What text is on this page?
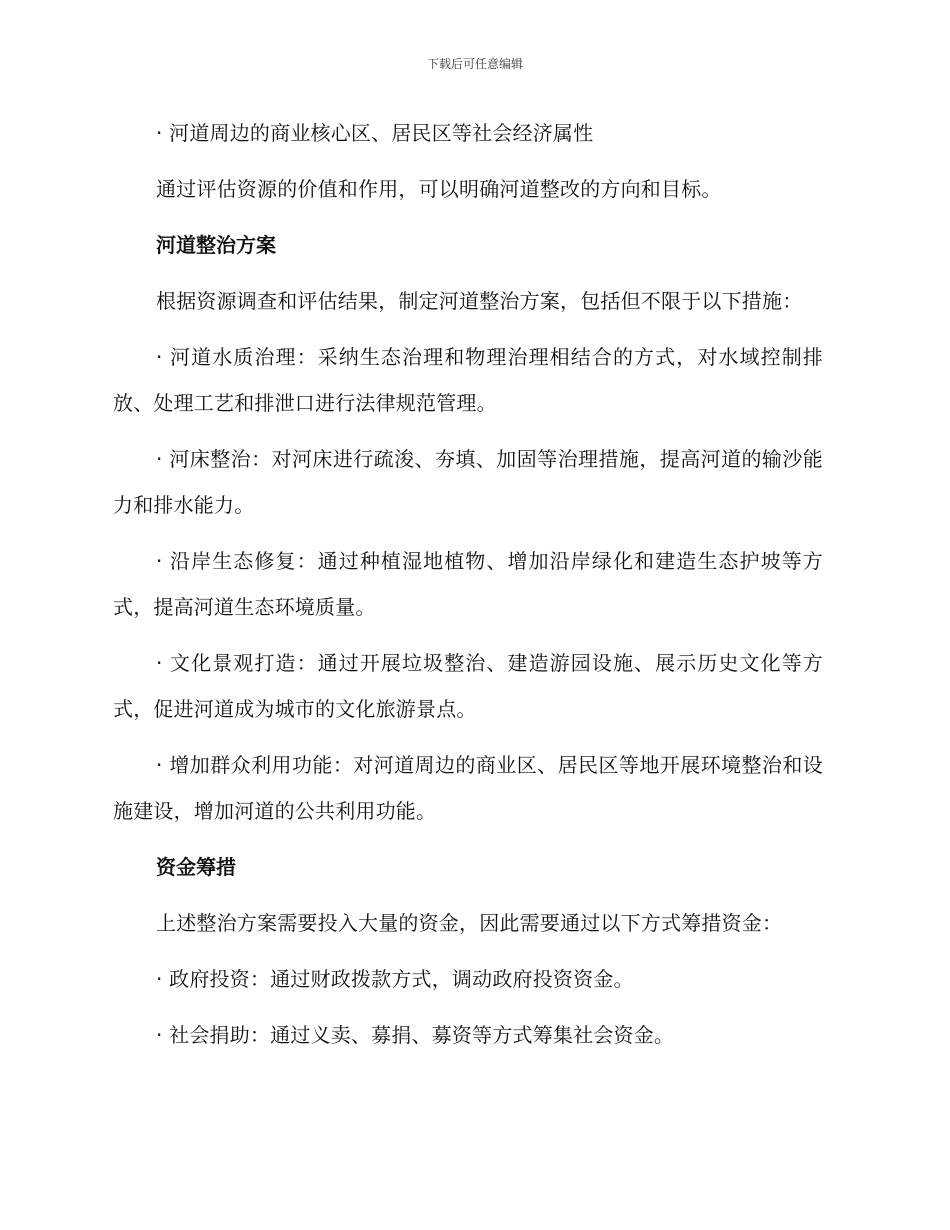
下载后可任意编辑

· 河道周边的商业核心区、居民区等社会经济属性

通过评估资源的价值和作用，可以明确河道整改的方向和目标。

河道整治方案

根据资源调查和评估结果，制定河道整治方案，包括但不限于以下措施：

· 河道水质治理：采纳生态治理和物理治理相结合的方式，对水域控制排放、处理工艺和排泄口进行法律规范管理。

· 河床整治：对河床进行疏浚、夯填、加固等治理措施，提高河道的输沙能力和排水能力。

· 沿岸生态修复：通过种植湿地植物、增加沿岸绿化和建造生态护坡等方式，提高河道生态环境质量。

· 文化景观打造：通过开展垃圾整治、建造游园设施、展示历史文化等方式，促进河道成为城市的文化旅游景点。

· 增加群众利用功能：对河道周边的商业区、居民区等地开展环境整治和设施建设，增加河道的公共利用功能。

资金筹措

上述整治方案需要投入大量的资金，因此需要通过以下方式筹措资金：

· 政府投资：通过财政拨款方式，调动政府投资资金。

· 社会捐助：通过义卖、募捐、募资等方式筹集社会资金。
